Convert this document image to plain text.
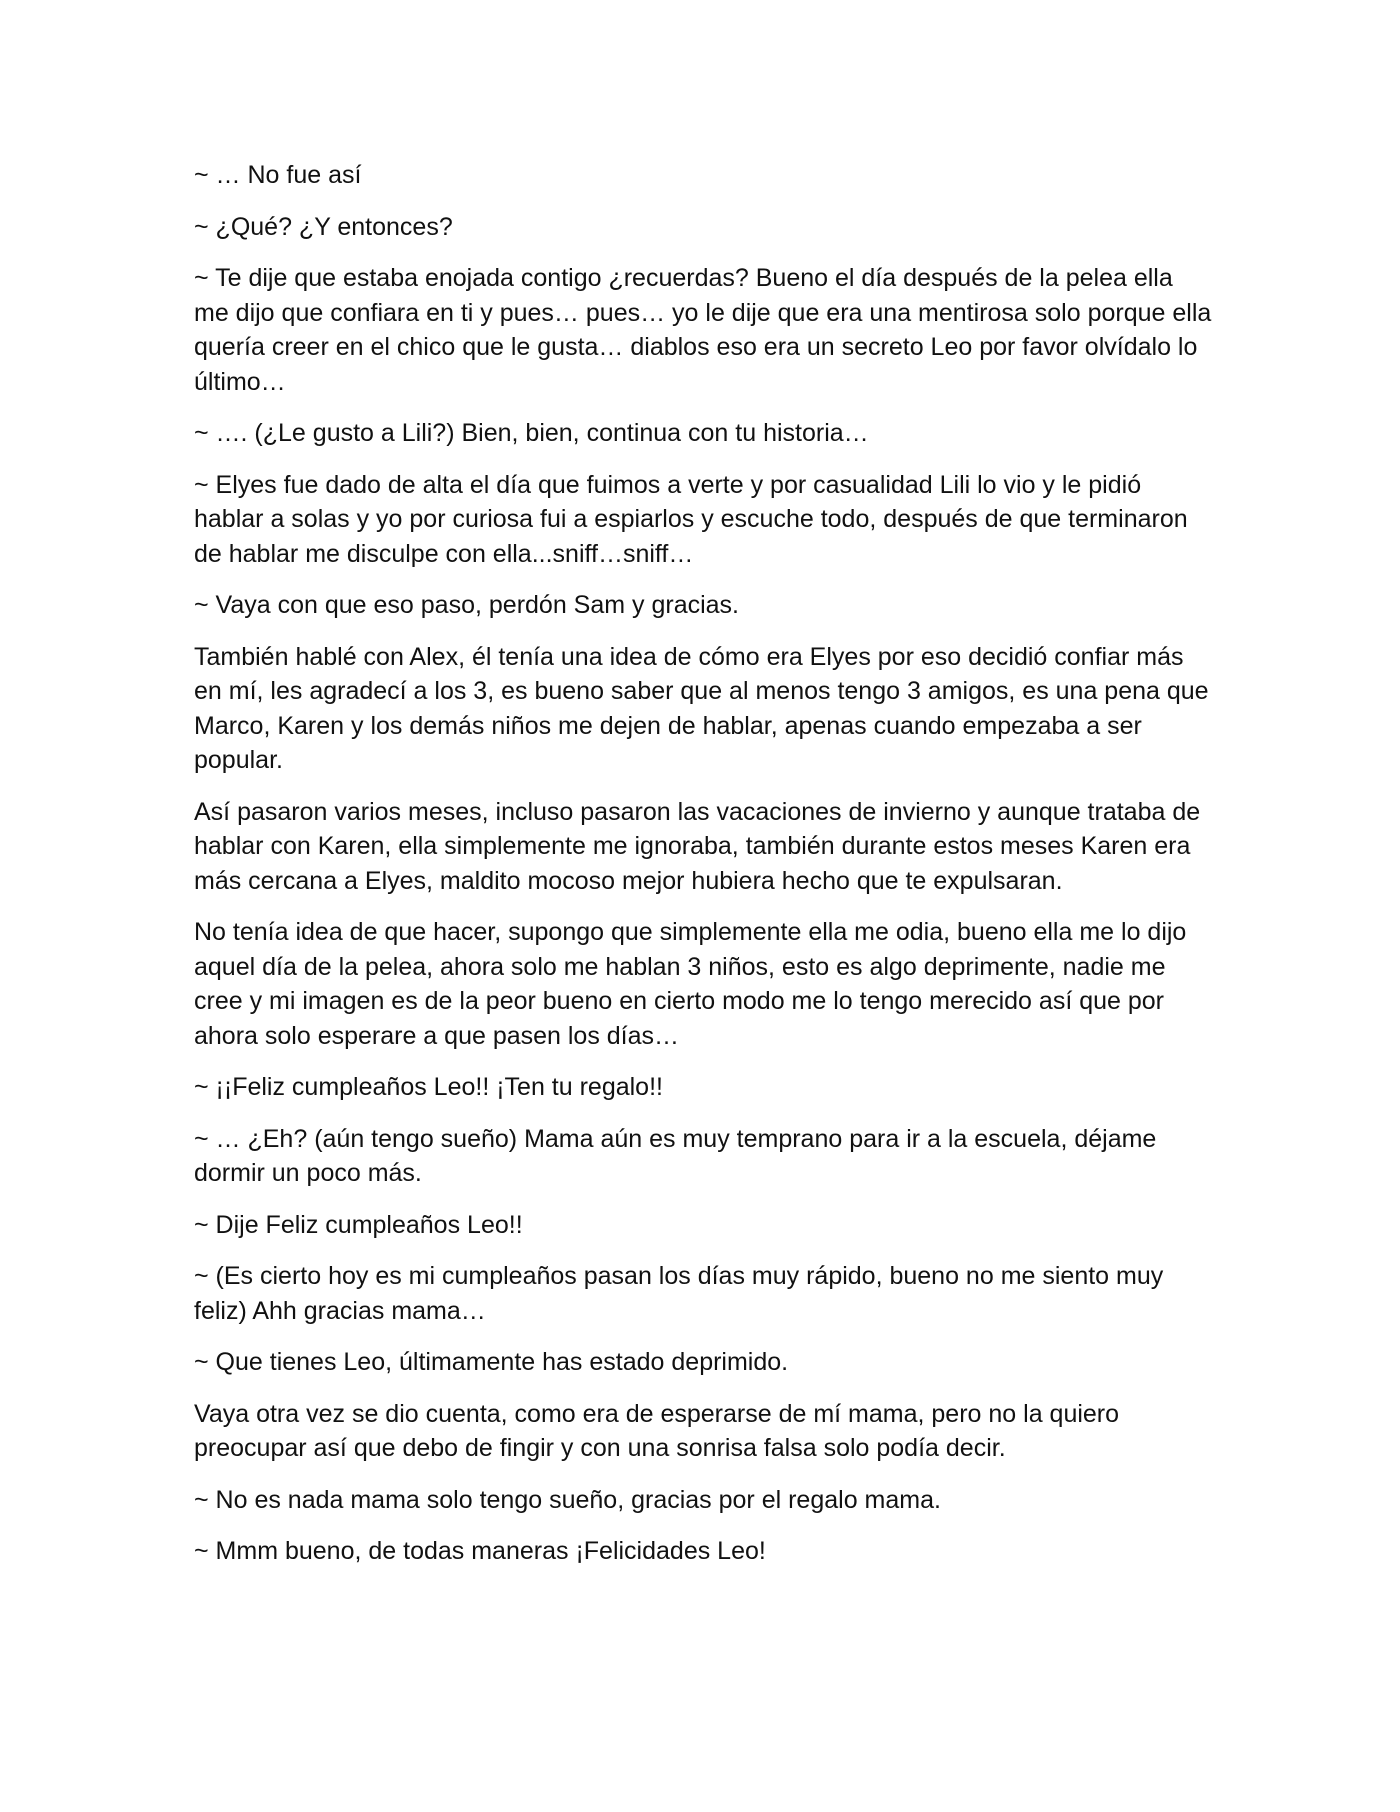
~ … No fue así

~ ¿Qué? ¿Y entonces?

~ Te dije que estaba enojada contigo ¿recuerdas? Bueno el día después de la pelea ella me dijo que confiara en ti y pues… pues… yo le dije que era una mentirosa solo porque ella quería creer en el chico que le gusta… diablos eso era un secreto Leo por favor olvídalo lo último…

~ …. (¿Le gusto a Lili?) Bien, bien, continua con tu historia…

~ Elyes fue dado de alta el día que fuimos a verte y por casualidad Lili lo vio y le pidió hablar a solas y yo por curiosa fui a espiarlos y escuche todo, después de que terminaron de hablar me disculpe con ella...sniff…sniff…

~ Vaya con que eso paso, perdón Sam y gracias.

También hablé con Alex, él tenía una idea de cómo era Elyes por eso decidió confiar más en mí, les agradecí a los 3, es bueno saber que al menos tengo 3 amigos, es una pena que Marco, Karen y los demás niños me dejen de hablar, apenas cuando empezaba a ser popular.

Así pasaron varios meses, incluso pasaron las vacaciones de invierno y aunque trataba de hablar con Karen, ella simplemente me ignoraba, también durante estos meses Karen era más cercana a Elyes, maldito mocoso mejor hubiera hecho que te expulsaran.

No tenía idea de que hacer, supongo que simplemente ella me odia, bueno ella me lo dijo aquel día de la pelea, ahora solo me hablan 3 niños, esto es algo deprimente, nadie me cree y mi imagen es de la peor bueno en cierto modo me lo tengo merecido así que por ahora solo esperare a que pasen los días…

~ ¡¡Feliz cumpleaños Leo!! ¡Ten tu regalo!!

~ … ¿Eh? (aún tengo sueño) Mama aún es muy temprano para ir a la escuela, déjame dormir un poco más.

~ Dije Feliz cumpleaños Leo!!

~ (Es cierto hoy es mi cumpleaños pasan los días muy rápido, bueno no me siento muy feliz) Ahh gracias mama…

~ Que tienes Leo, últimamente has estado deprimido.

Vaya otra vez se dio cuenta, como era de esperarse de mí mama, pero no la quiero preocupar así que debo de fingir y con una sonrisa falsa solo podía decir.

~ No es nada mama solo tengo sueño, gracias por el regalo mama.

~ Mmm bueno, de todas maneras ¡Felicidades Leo!
